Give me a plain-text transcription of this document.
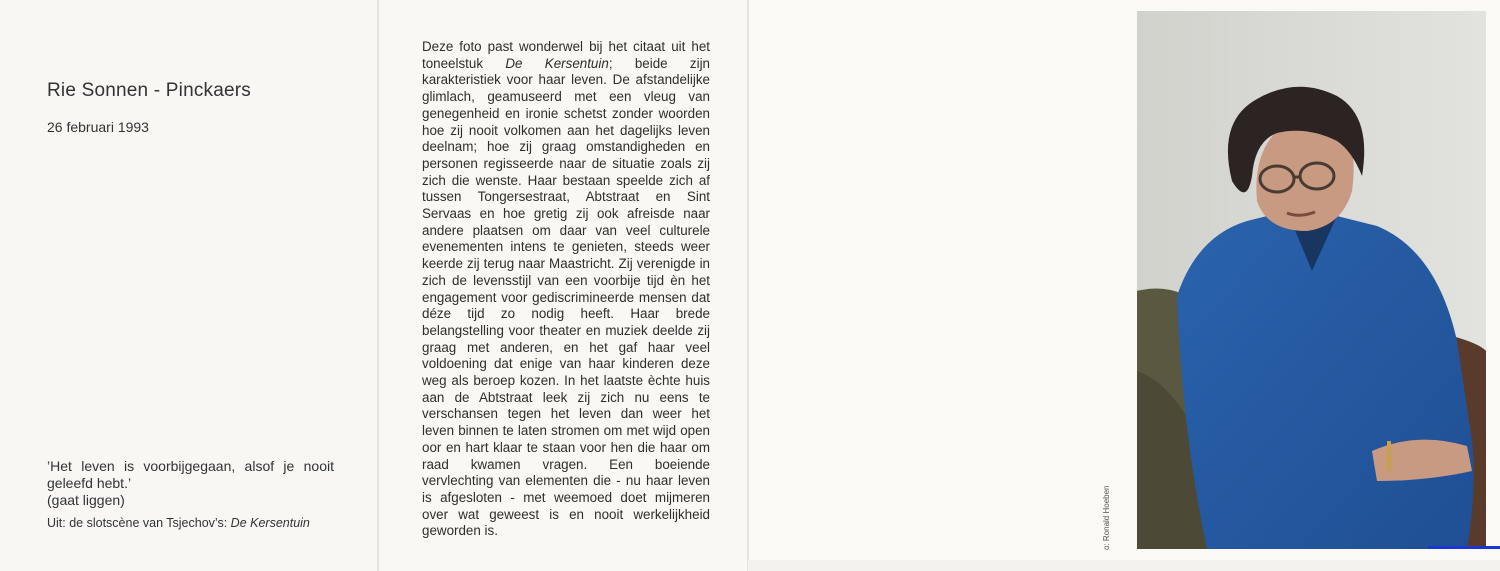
Rie Sonnen - Pinckaers
26 februari 1993
’Het leven is voorbijgegaan, alsof je nooit geleefd hebt.’
(gaat liggen)
Uit: de slotscène van Tsjechov’s: De Kersentuin
Deze foto past wonderwel bij het citaat uit het toneelstuk De Kersentuin; beide zijn karakteristiek voor haar leven. De afstandelijke glimlach, geamuseerd met een vleug van genegenheid en ironie schetst zonder woorden hoe zij nooit volkomen aan het dagelijks leven deelnam; hoe zij graag omstandigheden en personen regisseerde naar de situatie zoals zij zich die wenste. Haar bestaan speelde zich af tussen Tongersestraat, Abtstraat en Sint Servaas en hoe gretig zij ook afreisde naar andere plaatsen om daar van veel culturele evenementen intens te genieten, steeds weer keerde zij terug naar Maastricht. Zij verenigde in zich de levensstijl van een voorbije tijd èn het engagement voor gediscrimineerde mensen dat déze tijd zo nodig heeft. Haar brede belangstelling voor theater en muziek deelde zij graag met anderen, en het gaf haar veel voldoening dat enige van haar kinderen deze weg als beroep kozen. In het laatste èchte huis aan de Abtstraat leek zij zich nu eens te verschansen tegen het leven dan weer het leven binnen te laten stromen om met wijd open oor en hart klaar te staan voor hen die haar om raad kwamen vragen. Een boeiende vervlechting van elementen die - nu haar leven is afgesloten - met weemoed doet mijmeren over wat geweest is en nooit werkelijkheid geworden is.	o: Ronald Hoeben
